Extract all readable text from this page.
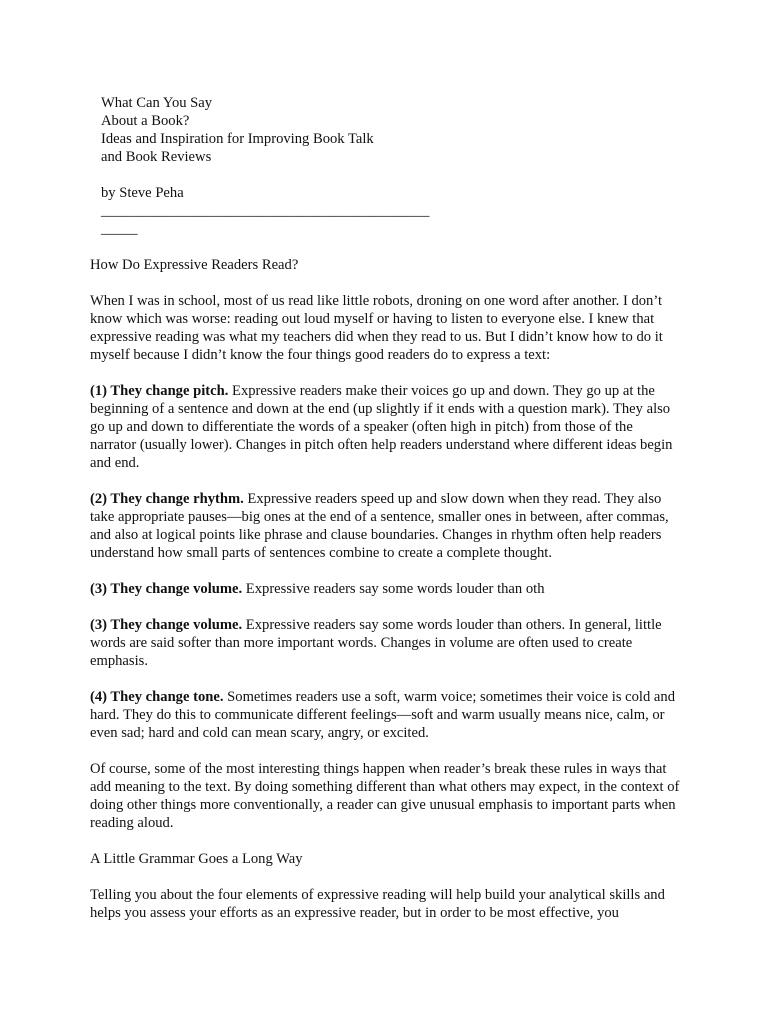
What Can You Say
About a Book?
Ideas and Inspiration for Improving Book Talk
and Book Reviews
by Steve Peha
_____________________________________________
_____

How Do Expressive Readers Read?

When I was in school, most of us read like little robots, droning on one word after another. I don’t know which was worse: reading out loud myself or having to listen to everyone else. I knew that expressive reading was what my teachers did when they read to us. But I didn’t know how to do it myself because I didn’t know the four things good readers do to express a text:

(1) They change pitch. Expressive readers make their voices go up and down. They go up at the beginning of a sentence and down at the end (up slightly if it ends with a question mark). They also go up and down to differentiate the words of a speaker (often high in pitch) from those of the narrator (usually lower). Changes in pitch often help readers understand where different ideas begin and end.

(2) They change rhythm. Expressive readers speed up and slow down when they read. They also take appropriate pauses—big ones at the end of a sentence, smaller ones in between, after commas, and also at logical points like phrase and clause boundaries. Changes in rhythm often help readers understand how small parts of sentences combine to create a complete thought.

(3) They change volume. Expressive readers say some words louder than oth

(3) They change volume. Expressive readers say some words louder than others. In general, little words are said softer than more important words. Changes in volume are often used to create emphasis.

(4) They change tone. Sometimes readers use a soft, warm voice; sometimes their voice is cold and hard. They do this to communicate different feelings—soft and warm usually means nice, calm, or even sad; hard and cold can mean scary, angry, or excited.

Of course, some of the most interesting things happen when reader’s break these rules in ways that add meaning to the text. By doing something different than what others may expect, in the context of doing other things more conventionally, a reader can give unusual emphasis to important parts when reading aloud.

A Little Grammar Goes a Long Way

Telling you about the four elements of expressive reading will help build your analytical skills and helps you assess your efforts as an expressive reader, but in order to be most effective, you
